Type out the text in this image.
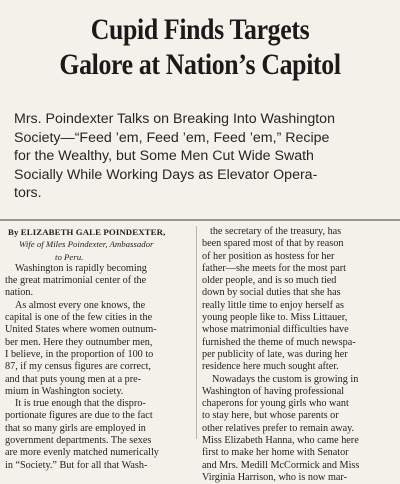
Cupid Finds Targets
Galore at Nation’s Capitol
Mrs. Poindexter Talks on Breaking Into Washington
Society—“Feed ’em, Feed ’em, Feed ’em,” Recipe
for the Wealthy, but Some Men Cut Wide Swath
Socially While Working Days as Elevator Opera-
tors.
By ELIZABETH GALE POINDEXTER,
Wife of Miles Poindexter, Ambassador
to Peru.
Washington is rapidly becoming
the great matrimonial center of the
nation.
As almost every one knows, the
capital is one of the few cities in the
United States where women outnum-
ber men. Here they outnumber men,
I believe, in the proportion of 100 to
87, if my census figures are correct,
and that puts young men at a pre-
mium in Washington society.
It is true enough that the dispro-
portionate figures are due to the fact
that so many girls are employed in
government departments. The sexes
are more evenly matched numerically
in “Society.” But for all that Wash-
the secretary of the treasury, has
been spared most of that by reason
of her position as hostess for her
father—she meets for the most part
older people, and is so much tied
down by social duties that she has
really little time to enjoy herself as
young people like to. Miss Littauer,
whose matrimonial difficulties have
furnished the theme of much newspa-
per publicity of late, was during her
residence here much sought after.
Nowadays the custom is growing in
Washington of having professional
chaperons for young girls who want
to stay here, but whose parents or
other relatives prefer to remain away.
Miss Elizabeth Hanna, who came here
first to make her home with Senator
and Mrs. Medill McCormick and Miss
Virginia Harrison, who is now mar-
